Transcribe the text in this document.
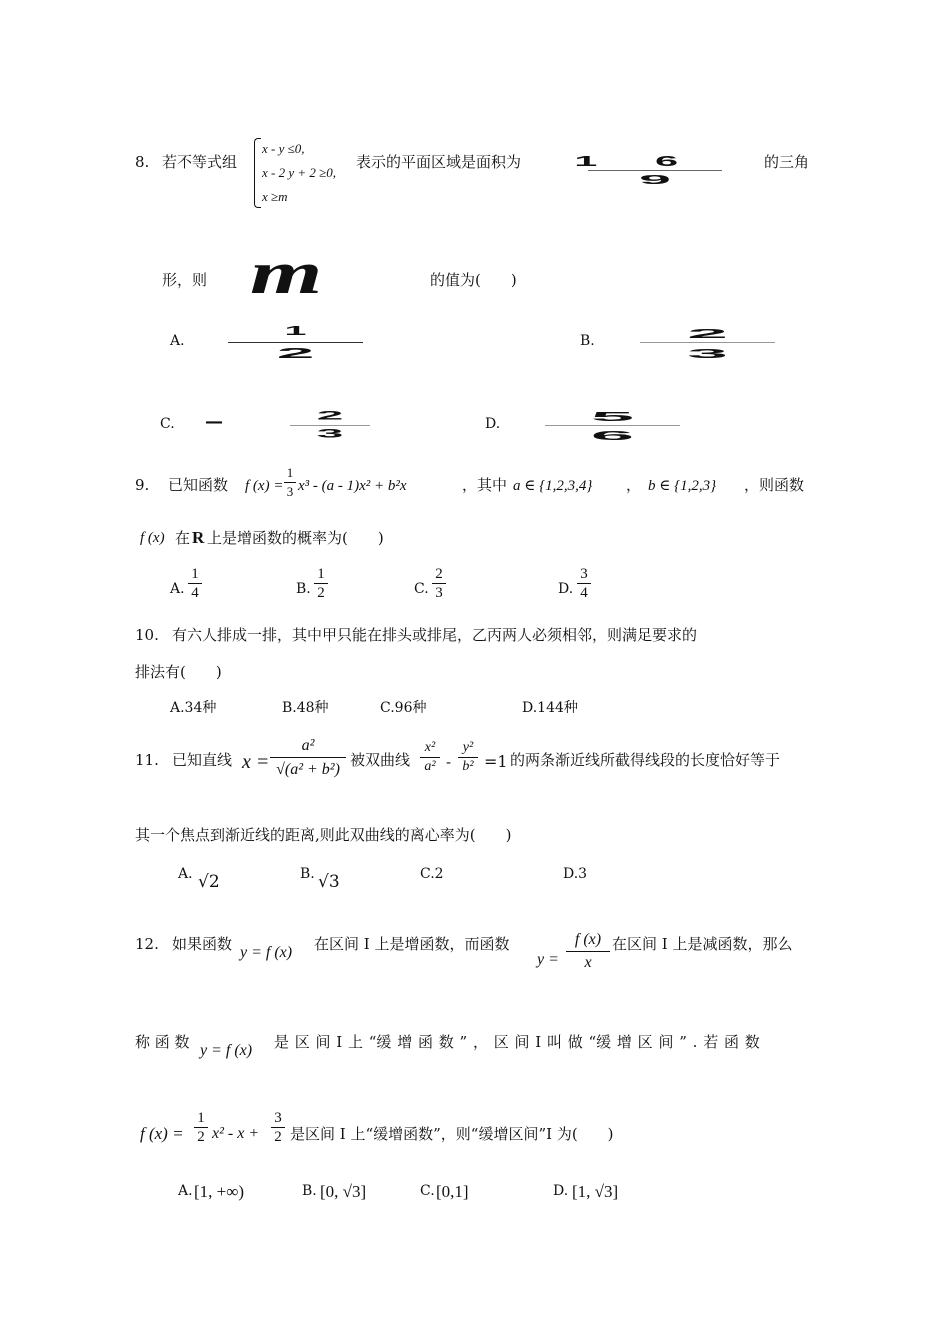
8. 若不等式组
x - y ≤0,
x - 2 y + 2 ≥0,
x ≥m
表示的平面区域是面积为	16
9
的三角
形，则 m	的值为(　　)
A.
1
2
B.	2
3
C. —	2
3
D.	5
6
9. 已知函数 f (x) =
1
3 x³ - (a - 1)x² + b²x	，其中 a ∈ {1,2,3,4} ， b ∈ {1,2,3} ，则函数
f (x) 在 R 上是增函数的概率为(　　)
A.
1
4	B.
1
2	C.
2
3	D.
3
4
10. 有六人排成一排，其中甲只能在排头或排尾，乙丙两人必须相邻，则满足要求的
排法有(　　)
A.34种	B.48种	C.96种	D.144种
11. 已知直线 x =
a²
√(a² + b²)
被双曲线
x²
a² -
y²
b² =1 的两条渐近线所截得线段的长度恰好等于
其一个焦点到渐近线的距离,则此双曲线的离心率为(　　)
A. √2	B. √3	C.2	D.3
12. 如果函数 y = f (x) 在区间 I 上是增函数，而函数
y =
f (x)
x
在区间 I 上是减函数，那么
称 函 数 y = f (x) 是 区 间 I 上 “缓 增 函 数 ” ， 区 间 I 叫 做 “缓 增 区 间 ” . 若 函 数
f (x) =
1
2 x² - x +
3
2 是区间 I 上“缓增函数”，则“缓增区间”I 为(　　)
A. [1, +∞)	B. [0, √3]	C. [0,1]	D. [1, √3]
